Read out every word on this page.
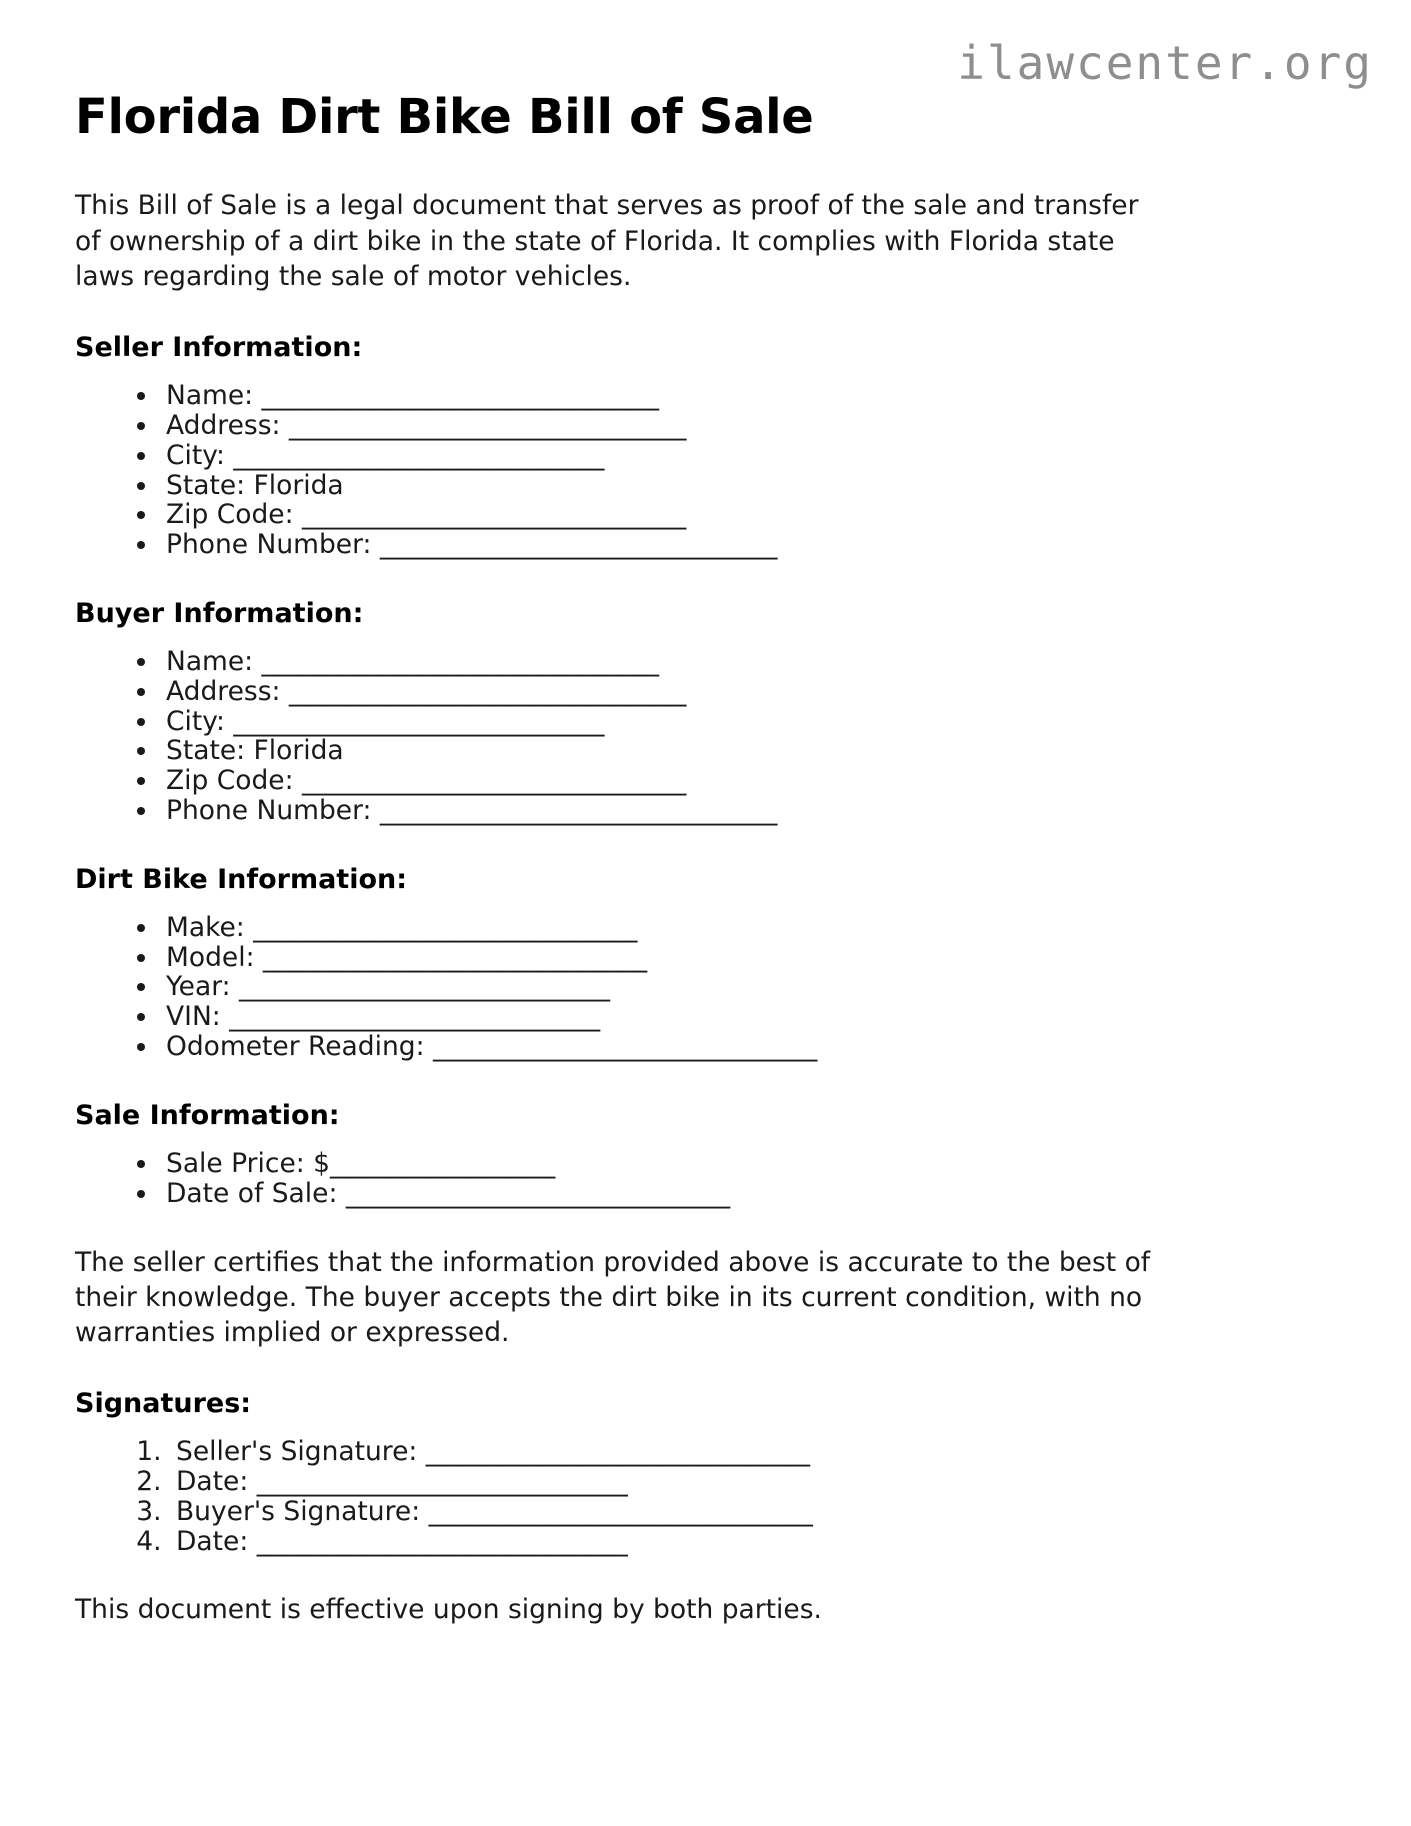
ilawcenter.org
Florida Dirt Bike Bill of Sale

This Bill of Sale is a legal document that serves as proof of the sale and transfer of ownership of a dirt bike in the state of Florida. It complies with Florida state laws regarding the sale of motor vehicles.

Seller Information:
• Name: ______________________________
• Address: ______________________________
• City: ____________________________
• State: Florida
• Zip Code: _____________________________
• Phone Number: ______________________________
Buyer Information:
• Name: ______________________________
• Address: ______________________________
• City: ____________________________
• State: Florida
• Zip Code: _____________________________
• Phone Number: ______________________________
Dirt Bike Information:
• Make: _____________________________
• Model: _____________________________
• Year: ____________________________
• VIN: ____________________________
• Odometer Reading: _____________________________
Sale Information:
• Sale Price: $_________________
• Date of Sale: _____________________________

The seller certifies that the information provided above is accurate to the best of their knowledge. The buyer accepts the dirt bike in its current condition, with no warranties implied or expressed.

Signatures:
1. Seller's Signature: _____________________________
2. Date: ____________________________
3. Buyer's Signature: _____________________________
4. Date: ____________________________

This document is effective upon signing by both parties.
